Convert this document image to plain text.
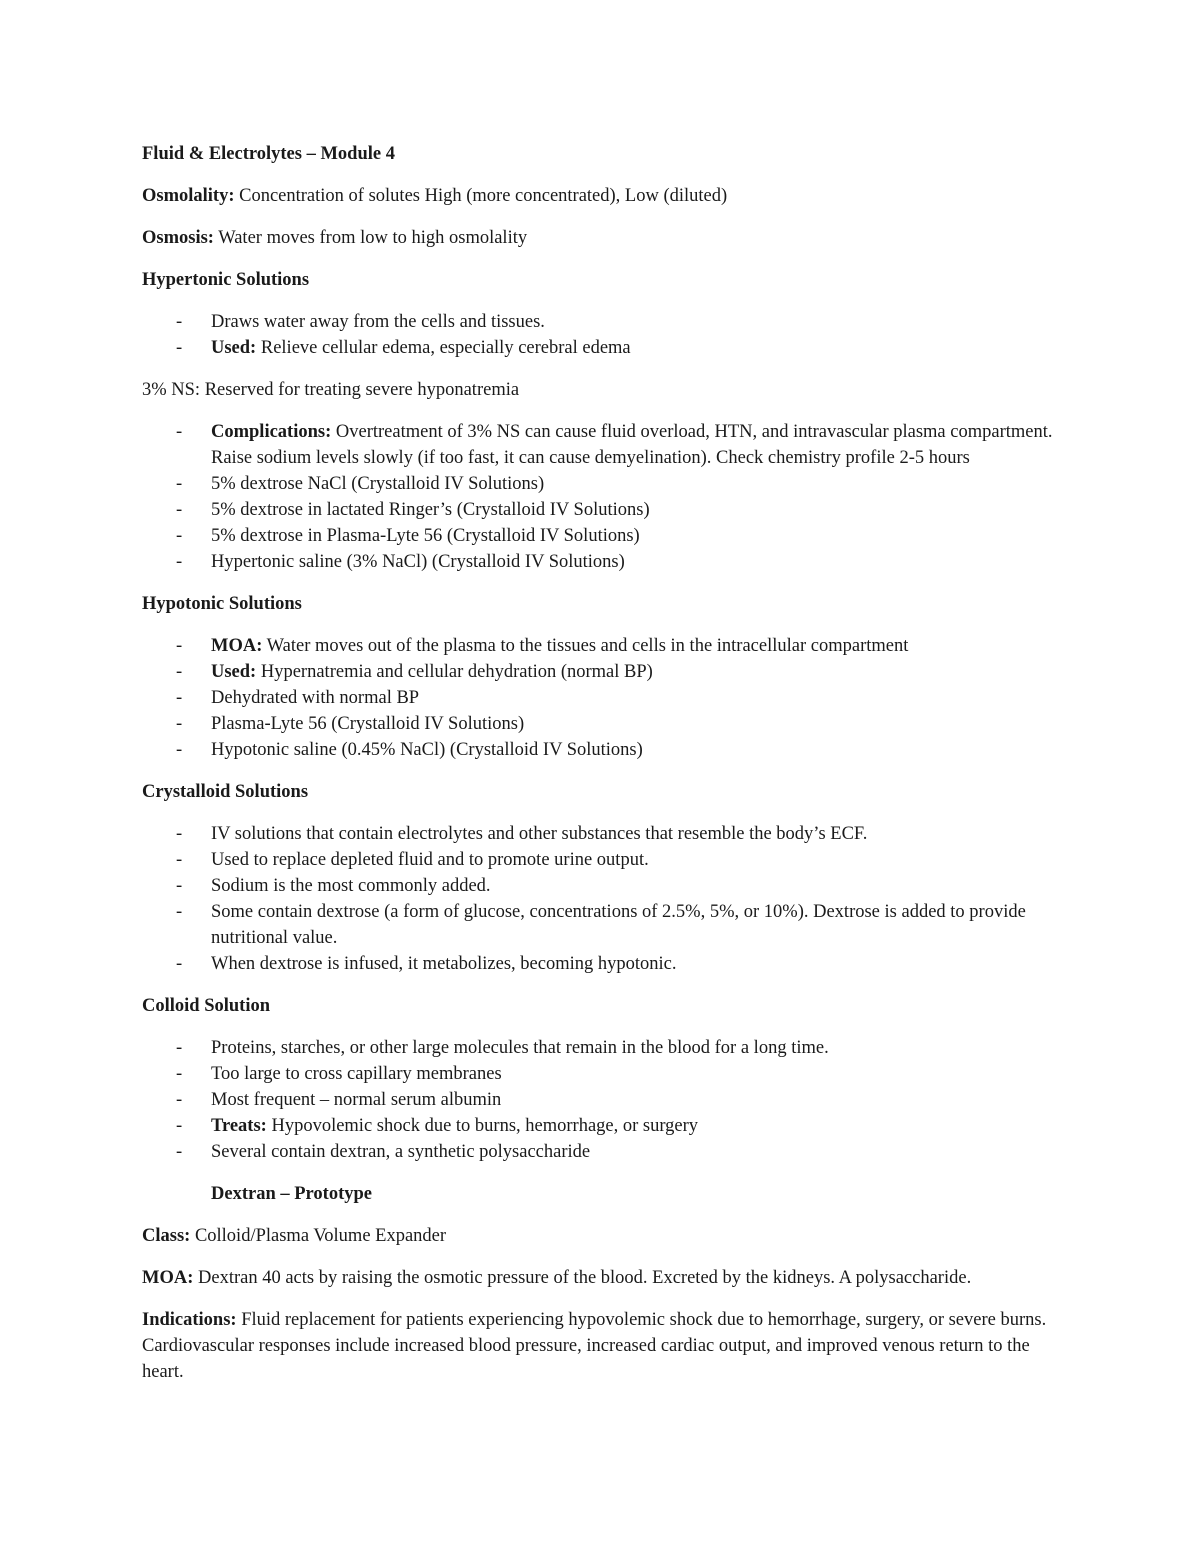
Fluid & Electrolytes – Module 4

Osmolality: Concentration of solutes High (more concentrated), Low (diluted)

Osmosis: Water moves from low to high osmolality

Hypertonic Solutions

- Draws water away from the cells and tissues.
- Used: Relieve cellular edema, especially cerebral edema

3% NS: Reserved for treating severe hyponatremia

- Complications: Overtreatment of 3% NS can cause fluid overload, HTN, and intravascular plasma compartment. Raise sodium levels slowly (if too fast, it can cause demyelination). Check chemistry profile 2-5 hours
- 5% dextrose NaCl (Crystalloid IV Solutions)
- 5% dextrose in lactated Ringer’s (Crystalloid IV Solutions)
- 5% dextrose in Plasma-Lyte 56 (Crystalloid IV Solutions)
- Hypertonic saline (3% NaCl) (Crystalloid IV Solutions)

Hypotonic Solutions

- MOA: Water moves out of the plasma to the tissues and cells in the intracellular compartment
- Used: Hypernatremia and cellular dehydration (normal BP)
- Dehydrated with normal BP
- Plasma-Lyte 56 (Crystalloid IV Solutions)
- Hypotonic saline (0.45% NaCl) (Crystalloid IV Solutions)

Crystalloid Solutions

- IV solutions that contain electrolytes and other substances that resemble the body’s ECF.
- Used to replace depleted fluid and to promote urine output.
- Sodium is the most commonly added.
- Some contain dextrose (a form of glucose, concentrations of 2.5%, 5%, or 10%). Dextrose is added to provide nutritional value.
- When dextrose is infused, it metabolizes, becoming hypotonic.

Colloid Solution

- Proteins, starches, or other large molecules that remain in the blood for a long time.
- Too large to cross capillary membranes
- Most frequent – normal serum albumin
- Treats: Hypovolemic shock due to burns, hemorrhage, or surgery
- Several contain dextran, a synthetic polysaccharide

Dextran – Prototype

Class: Colloid/Plasma Volume Expander

MOA: Dextran 40 acts by raising the osmotic pressure of the blood. Excreted by the kidneys. A polysaccharide.

Indications: Fluid replacement for patients experiencing hypovolemic shock due to hemorrhage, surgery, or severe burns. Cardiovascular responses include increased blood pressure, increased cardiac output, and improved venous return to the heart.
